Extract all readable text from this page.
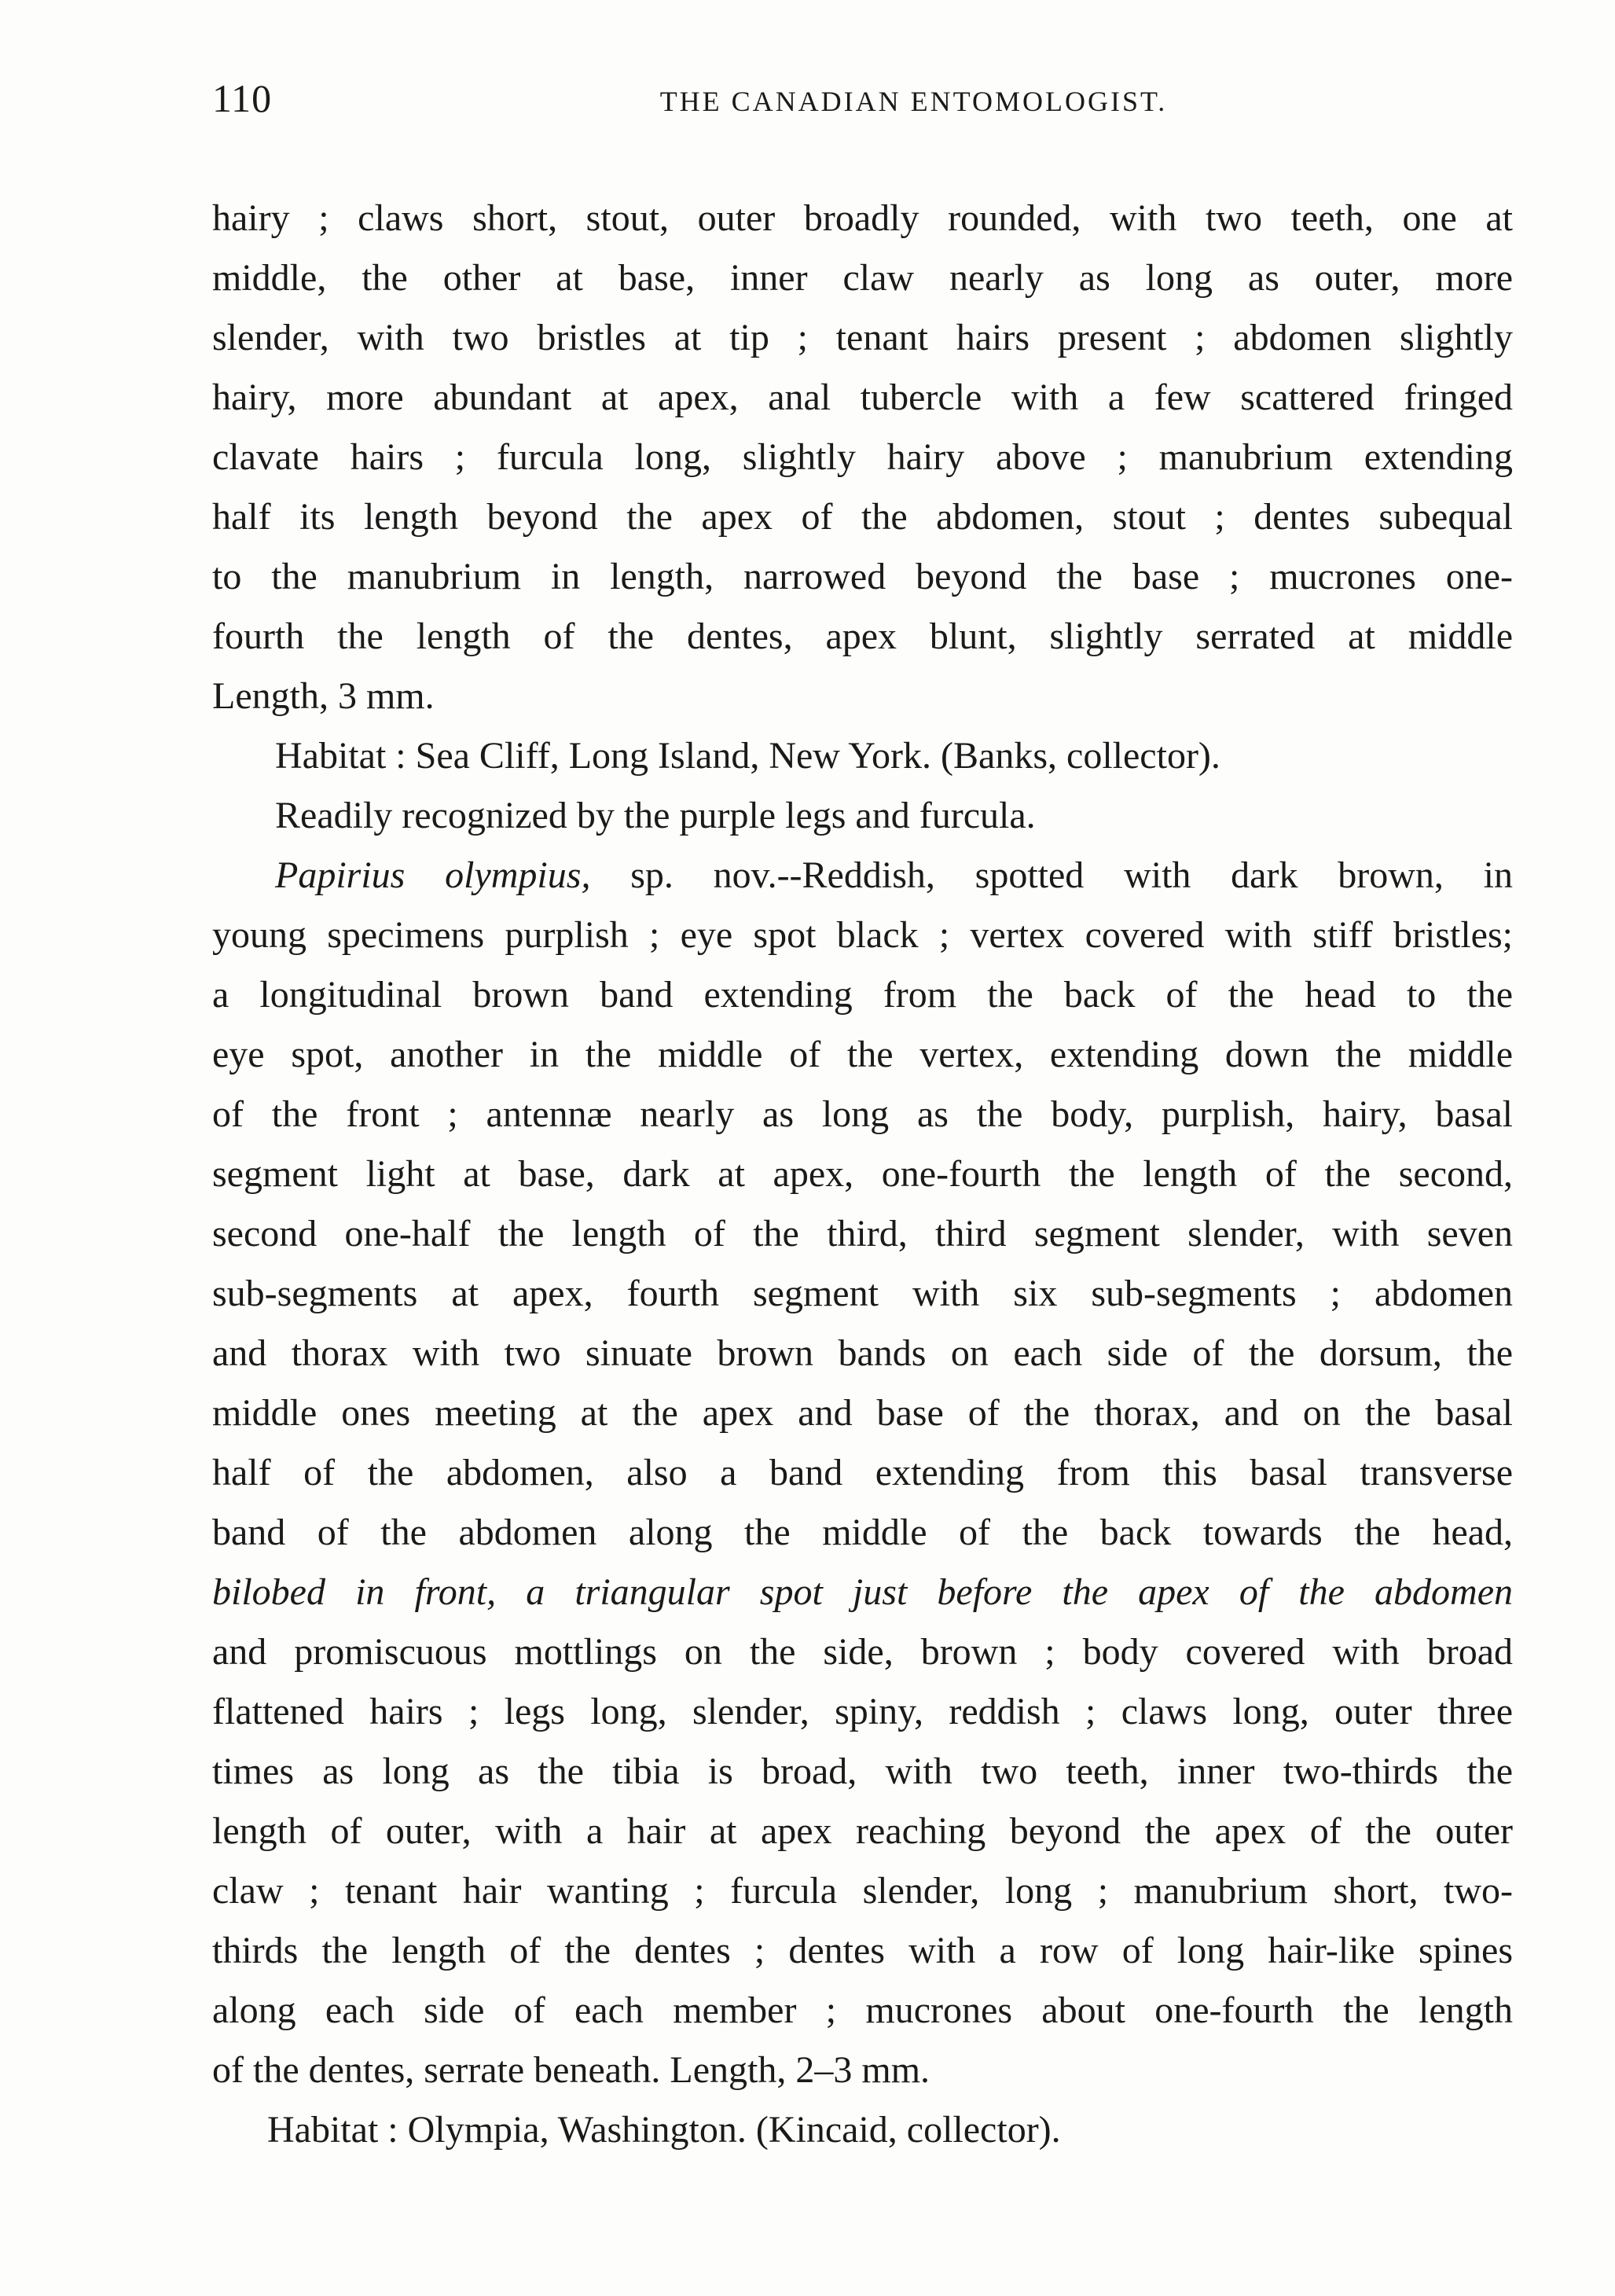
110	THE CANADIAN ENTOMOLOGIST.
hairy ; claws short, stout, outer broadly rounded, with two teeth, one at
middle, the other at base, inner claw nearly as long as outer, more
slender, with two bristles at tip ; tenant hairs present ; abdomen slightly
hairy, more abundant at apex, anal tubercle with a few scattered fringed
clavate hairs ; furcula long, slightly hairy above ; manubrium extending
half its length beyond the apex of the abdomen, stout ; dentes subequal
to the manubrium in length, narrowed beyond the base ; mucrones one-
fourth the length of the dentes, apex blunt, slightly serrated at middle
Length, 3 mm.
Habitat : Sea Cliff, Long Island, New York. (Banks, collector).
Readily recognized by the purple legs and furcula.
Papirius olympius, sp. nov.--Reddish, spotted with dark brown, in
young specimens purplish ; eye spot black ; vertex covered with stiff bristles;
a longitudinal brown band extending from the back of the head to the
eye spot, another in the middle of the vertex, extending down the middle
of the front ; antennæ nearly as long as the body, purplish, hairy, basal
segment light at base, dark at apex, one-fourth the length of the second,
second one-half the length of the third, third segment slender, with seven
sub-segments at apex, fourth segment with six sub-segments ; abdomen
and thorax with two sinuate brown bands on each side of the dorsum, the
middle ones meeting at the apex and base of the thorax, and on the basal
half of the abdomen, also a band extending from this basal transverse
band of the abdomen along the middle of the back towards the head,
bilobed in front, a triangular spot just before the apex of the abdomen
and promiscuous mottlings on the side, brown ; body covered with broad
flattened hairs ; legs long, slender, spiny, reddish ; claws long, outer three
times as long as the tibia is broad, with two teeth, inner two-thirds the
length of outer, with a hair at apex reaching beyond the apex of the outer
claw ; tenant hair wanting ; furcula slender, long ; manubrium short, two-
thirds the length of the dentes ; dentes with a row of long hair-like spines
along each side of each member ; mucrones about one-fourth the length
of the dentes, serrate beneath. Length, 2–3 mm.
Habitat : Olympia, Washington. (Kincaid, collector).
